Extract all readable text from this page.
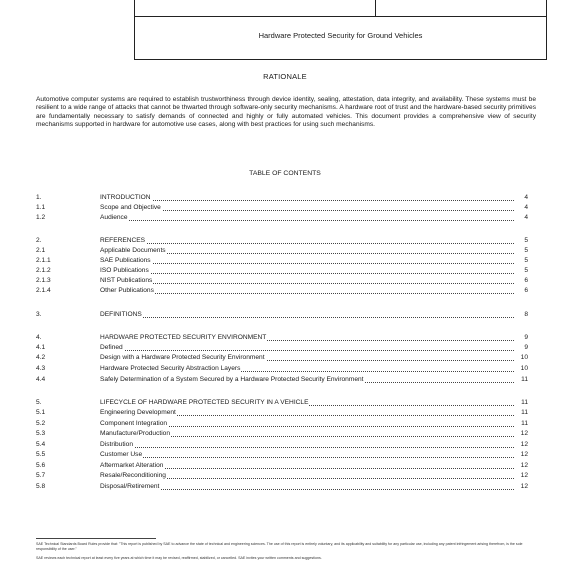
Hardware Protected Security for Ground Vehicles
RATIONALE

Automotive computer systems are required to establish trustworthiness through device identity, sealing, attestation, data integrity, and availability. These systems must be resilient to a wide range of attacks that cannot be thwarted through software-only security mechanisms. A hardware root of trust and the hardware-based security primitives are fundamentally necessary to satisfy demands of connected and highly or fully automated vehicles. This document provides a comprehensive view of security mechanisms supported in hardware for automotive use cases, along with best practices for using such mechanisms.

TABLE OF CONTENTS
1.	INTRODUCTION	4
1.1	Scope and Objective	4
1.2	Audience	4
2.	REFERENCES	5
2.1	Applicable Documents	5
2.1.1	SAE Publications	5
2.1.2	ISO Publications	5
2.1.3	NIST Publications	6
2.1.4	Other Publications	6
3.	DEFINITIONS	8
4.	HARDWARE PROTECTED SECURITY ENVIRONMENT	9
4.1	Defined	9
4.2	Design with a Hardware Protected Security Environment	10
4.3	Hardware Protected Security Abstraction Layers	10
4.4	Safely Determination of a System Secured by a Hardware Protected Security Environment	11
5.	LIFECYCLE OF HARDWARE PROTECTED SECURITY IN A VEHICLE	11
5.1	Engineering Development	11
5.2	Component Integration	11
5.3	Manufacture/Production	12
5.4	Distribution	12
5.5	Customer Use	12
5.6	Aftermarket Alteration	12
5.7	Resale/Reconditioning	12
5.8	Disposal/Retirement	12

SAE Technical Standards Board Rules provide that: "This report is published by SAE to advance the state of technical and engineering sciences. The use of this report is entirely voluntary, and its applicability and suitability for any particular use, including any patent infringement arising therefrom, is the sole responsibility of the user."

SAE reviews each technical report at least every five years at which time it may be revised, reaffirmed, stabilized, or cancelled. SAE invites your written comments and suggestions.
